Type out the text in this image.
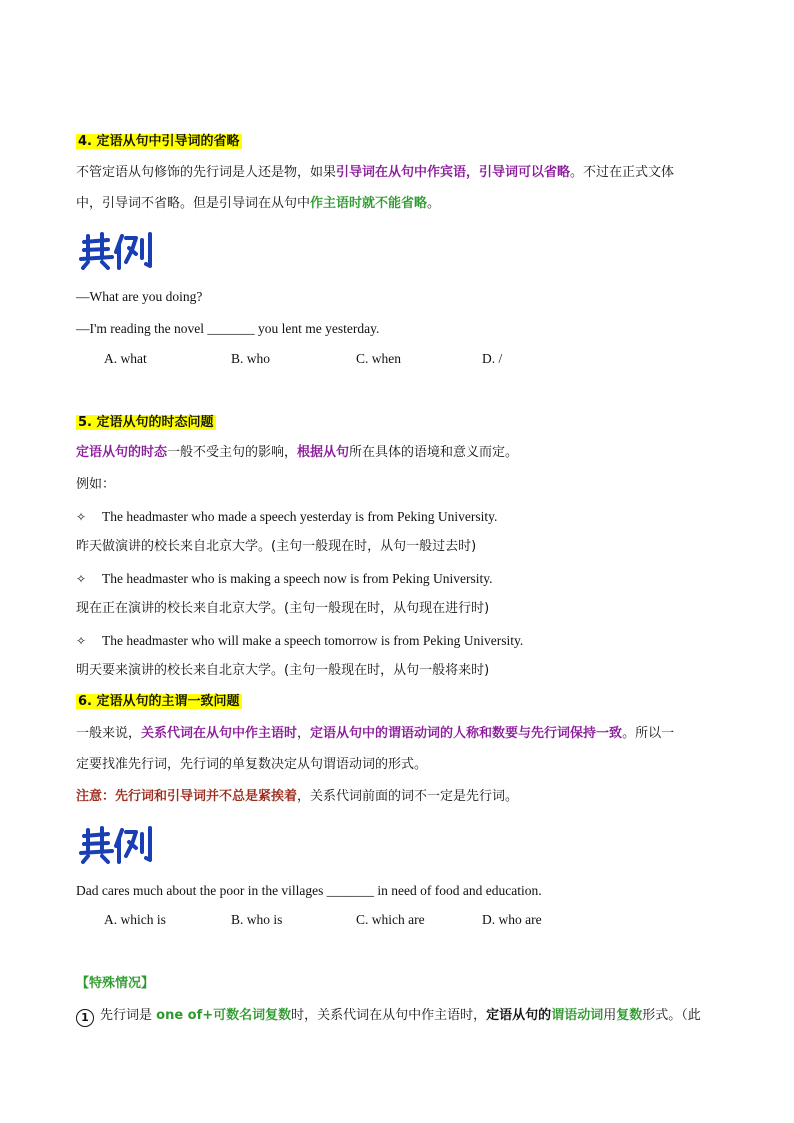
4. 定语从句中引导词的省略
不管定语从句修饰的先行词是人还是物，如果引导词在从句中作宾语，引导词可以省略。不过在正式文体
中，引导词不省略。但是引导词在从句中作主语时就不能省略。
—What are you doing?
—I'm reading the novel _______ you lent me yesterday.
A. what	B. who	C. when	D. /
5. 定语从句的时态问题
定语从句的时态一般不受主句的影响，根据从句所在具体的语境和意义而定。
例如：
✧ The headmaster who made a speech yesterday is from Peking University.
昨天做演讲的校长来自北京大学。(主句一般现在时，从句一般过去时)
✧ The headmaster who is making a speech now is from Peking University.
现在正在演讲的校长来自北京大学。(主句一般现在时，从句现在进行时)
✧ The headmaster who will make a speech tomorrow is from Peking University.
明天要来演讲的校长来自北京大学。(主句一般现在时，从句一般将来时)
6. 定语从句的主谓一致问题
一般来说，关系代词在从句中作主语时，定语从句中的谓语动词的人称和数要与先行词保持一致。所以一
定要找准先行词，先行词的单复数决定从句谓语动词的形式。
注意：先行词和引导词并不总是紧挨着，关系代词前面的词不一定是先行词。
Dad cares much about the poor in the villages _______ in need of food and education.
A. which is	B. who is	C. which are	D. who are
【特殊情况】
1 先行词是 one of+可数名词复数时，关系代词在从句中作主语时，定语从句的谓语动词用复数形式。（此
